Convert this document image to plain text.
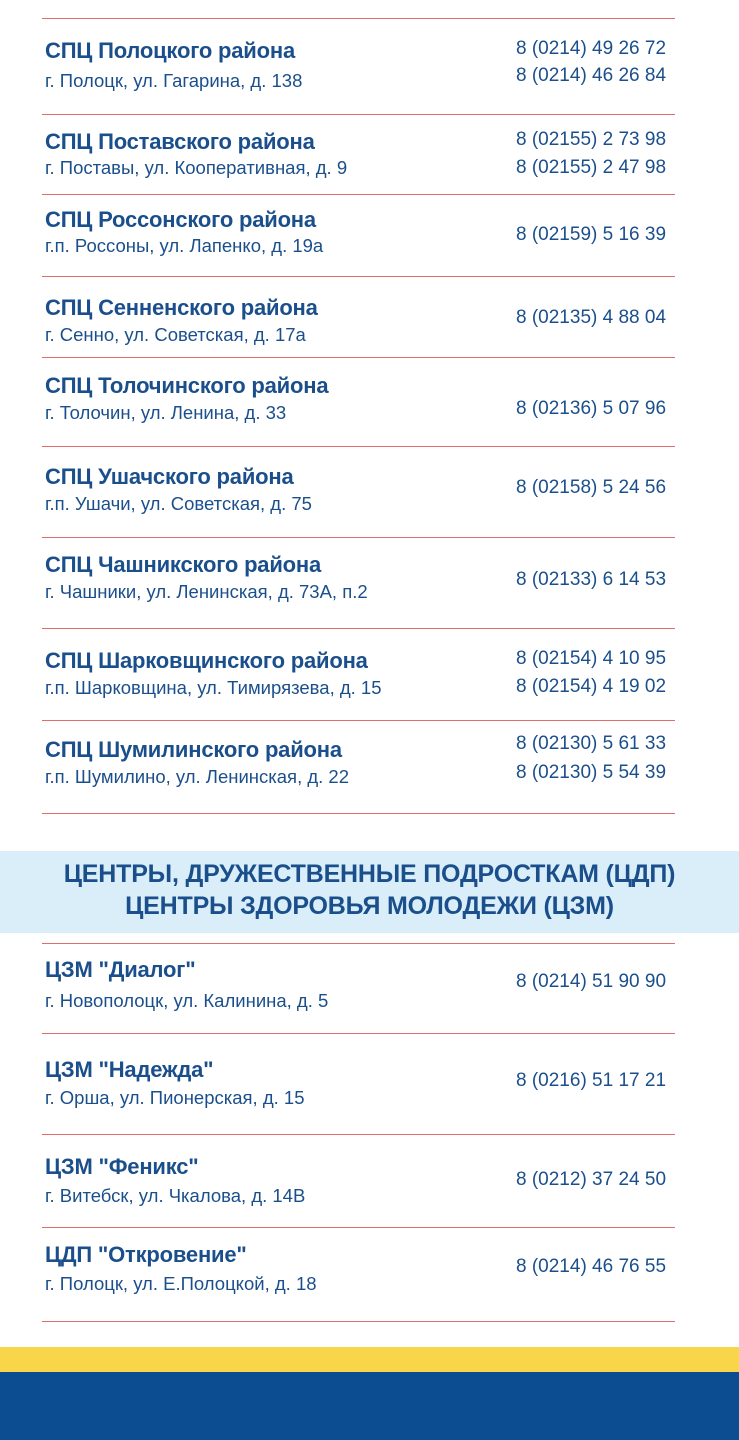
СПЦ Полоцкого района
г. Полоцк, ул. Гагарина, д. 138
8 (0214) 49 26 72
8 (0214) 46 26 84
СПЦ Поставского района
г. Поставы, ул. Кооперативная, д. 9
8 (02155) 2 73 98
8 (02155) 2 47 98
СПЦ Россонского района
г.п. Россоны, ул. Лапенко, д. 19а
8 (02159) 5 16 39
СПЦ Сенненского района
г. Сенно, ул. Советская, д. 17а
8 (02135) 4 88 04
СПЦ Толочинского района
г. Толочин, ул. Ленина, д. 33	8 (02136) 5 07 96
СПЦ Ушачского района
г.п. Ушачи, ул. Советская, д. 75
8 (02158) 5 24 56
СПЦ Чашникского района
г. Чашники, ул. Ленинская, д. 73А, п.2
8 (02133) 6 14 53
СПЦ Шарковщинского района
г.п. Шарковщина, ул. Тимирязева, д. 15
8 (02154) 4 10 95
8 (02154) 4 19 02
СПЦ Шумилинского района
г.п. Шумилино, ул. Ленинская, д. 22
8 (02130) 5 61 33
8 (02130) 5 54 39
ЦЕНТРЫ, ДРУЖЕСТВЕННЫЕ ПОДРОСТКАМ (ЦДП)
ЦЕНТРЫ ЗДОРОВЬЯ МОЛОДЕЖИ (ЦЗМ)
ЦЗМ "Диалог"
г. Новополоцк, ул. Калинина, д. 5
8 (0214) 51 90 90
ЦЗМ "Надежда"
г. Орша, ул. Пионерская, д. 15
8 (0216) 51 17 21
ЦЗМ "Феникс"
г. Витебск, ул. Чкалова, д. 14В
8 (0212) 37 24 50
ЦДП "Откровение"
г. Полоцк, ул. Е.Полоцкой, д. 18
8 (0214) 46 76 55
